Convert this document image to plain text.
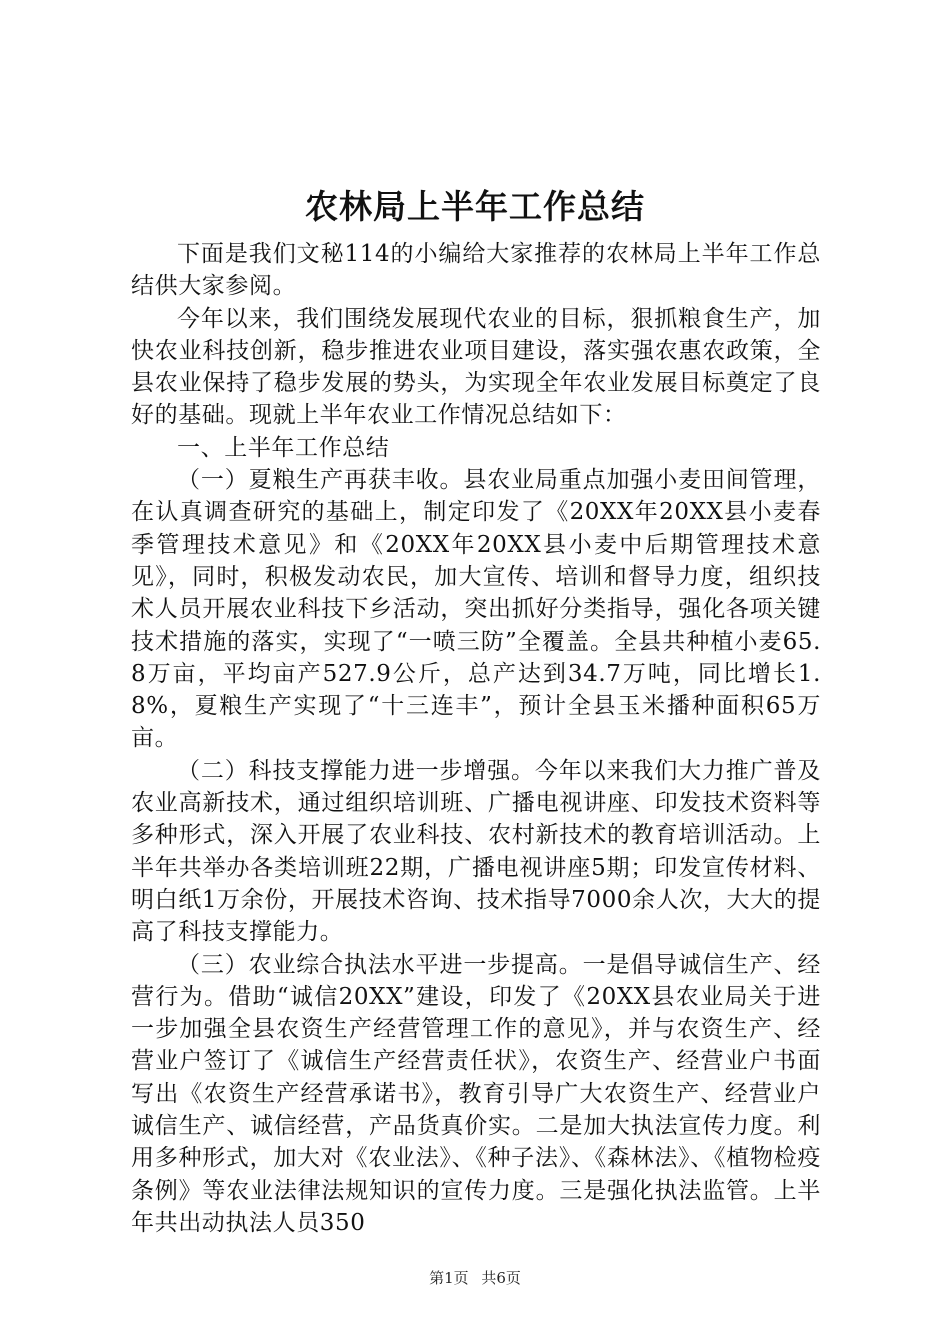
农林局上半年工作总结

下面是我们文秘114的小编给大家推荐的农林局上半年工作总结供大家参阅。

今年以来，我们围绕发展现代农业的目标，狠抓粮食生产，加快农业科技创新，稳步推进农业项目建设，落实强农惠农政策，全县农业保持了稳步发展的势头，为实现全年农业发展目标奠定了良好的基础。现就上半年农业工作情况总结如下：

一、上半年工作总结

（一）夏粮生产再获丰收。县农业局重点加强小麦田间管理，在认真调查研究的基础上，制定印发了《20XX年20XX县小麦春季管理技术意见》和《20XX年20XX县小麦中后期管理技术意见》，同时，积极发动农民，加大宣传、培训和督导力度，组织技术人员开展农业科技下乡活动，突出抓好分类指导，强化各项关键技术措施的落实，实现了“一喷三防”全覆盖。全县共种植小麦65.8万亩，平均亩产527.9公斤，总产达到34.7万吨，同比增长1.8%，夏粮生产实现了“十三连丰”，预计全县玉米播种面积65万亩。

（二）科技支撑能力进一步增强。今年以来我们大力推广普及农业高新技术，通过组织培训班、广播电视讲座、印发技术资料等多种形式，深入开展了农业科技、农村新技术的教育培训活动。上半年共举办各类培训班22期，广播电视讲座5期；印发宣传材料、明白纸1万余份，开展技术咨询、技术指导7000余人次，大大的提高了科技支撑能力。

（三）农业综合执法水平进一步提高。一是倡导诚信生产、经营行为。借助“诚信20XX”建设，印发了《20XX县农业局关于进一步加强全县农资生产经营管理工作的意见》，并与农资生产、经营业户签订了《诚信生产经营责任状》，农资生产、经营业户书面写出《农资生产经营承诺书》，教育引导广大农资生产、经营业户诚信生产、诚信经营，产品货真价实。二是加大执法宣传力度。利用多种形式，加大对《农业法》、《种子法》、《森林法》、《植物检疫条例》等农业法律法规知识的宣传力度。三是强化执法监管。上半年共出动执法人员350

第1页 共6页
